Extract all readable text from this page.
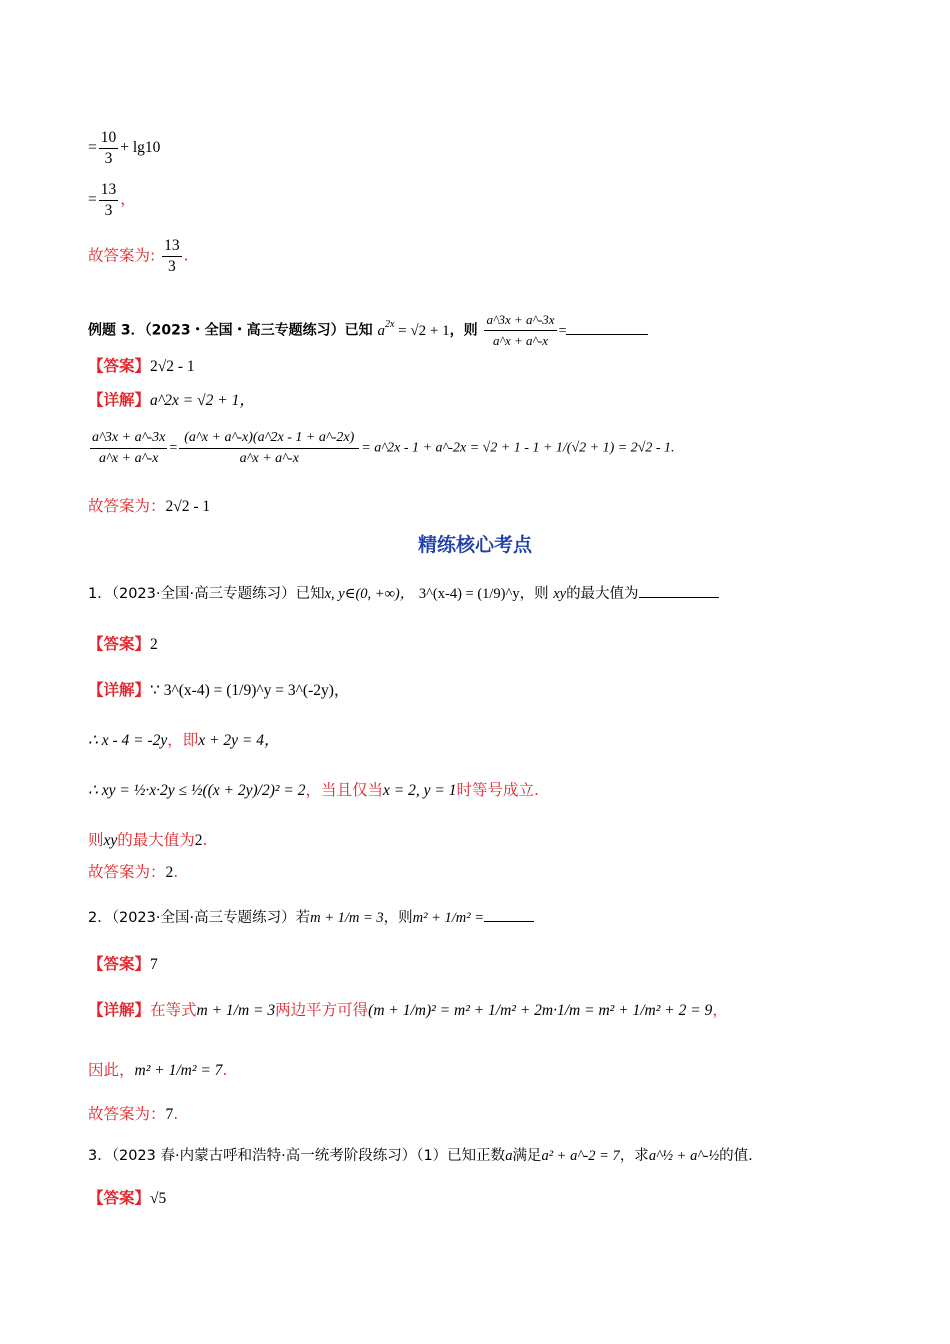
= $\frac{10}{3} + \lg 10$
= $\frac{13}{3}$ ，
故答案为: $\frac{13}{3}$ .
例题 3．（2023・全国・高三专题练习）已知 $a^{2x} = √2 + 1$，则 $\frac{a\^{}3x + a\^{}-3x}{a\^{}x + a\^{}-x}$ =
【答案】2√2 - 1
【详解】a^2x = √2 + 1，
$\frac{a\^{}3x + a\^{}-3x}{a\^{}x + a\^{}-x} = \frac{(a\^{}x + a\^{}-x)(a\^{}2x - 1 + a\^{}-2x)}{a\^{}x + a\^{}-x}$ = a^2x - 1 + a^-2x = √2 + 1 - 1 + 1/(√2 + 1) = 2√2 - 1.
故答案为：2√2 - 1
精练核心考点
1．（2023·全国·高三专题练习）已知x, y∈(0, +∞)， 3^(x-4) = (1/9)^y，则 xy的最大值为
【答案】2
【详解】∵ 3^(x-4) = (1/9)^y = 3^(-2y)，
∴ x - 4 = -2y，即x + 2y = 4，
∴ xy = ½·x·2y ≤ ½((x + 2y)/2)² = 2，当且仅当x = 2, y = 1时等号成立.
则xy的最大值为2.
故答案为：2.
2．（2023·全国·高三专题练习）若m + 1/m = 3，则m² + 1/m² =
【答案】7
【详解】在等式m + 1/m = 3两边平方可得(m + 1/m)² = m² + 1/m² + 2m·1/m = m² + 1/m² + 2 = 9，
因此，m² + 1/m² = 7.
故答案为：7.
3．（2023 春·内蒙古呼和浩特·高一统考阶段练习）（1）已知正数a满足a² + a^-2 = 7，求a^½ + a^-½的值.
【答案】√5
